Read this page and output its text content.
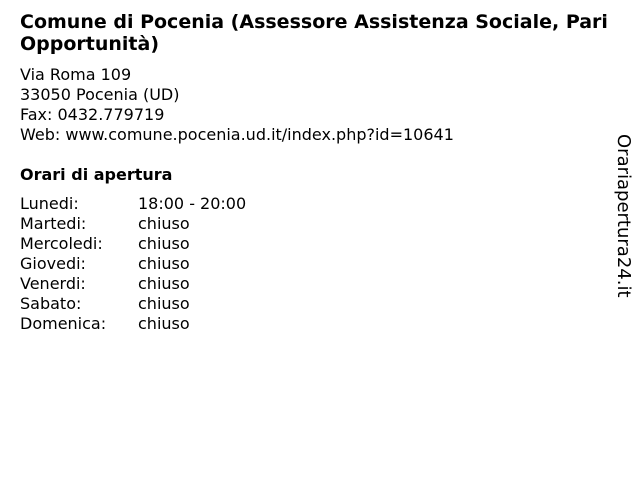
Comune di Pocenia (Assessore Assistenza Sociale, Pari Opportunità)
Via Roma 109
33050 Pocenia (UD)
Fax: 0432.779719
Web: www.comune.pocenia.ud.it/index.php?id=10641
Orari di apertura
Lunedi:	18:00 - 20:00
Martedi:	chiuso
Mercoledi:	chiuso
Giovedi:	chiuso
Venerdi:	chiuso
Sabato:	chiuso
Domenica:	chiuso
Orariapertura24.it
